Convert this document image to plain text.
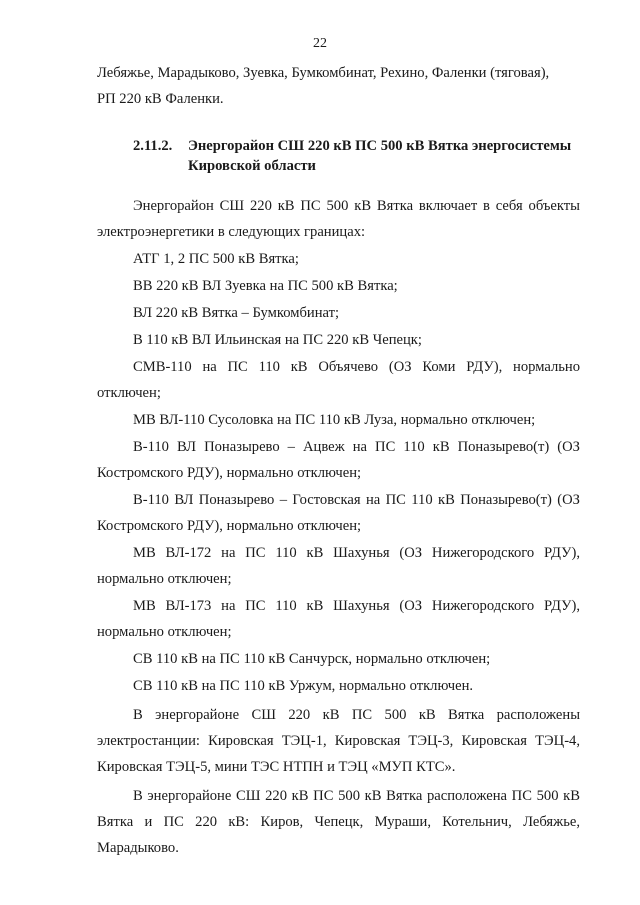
22

Лебяжье, Марадыково, Зуевка, Бумкомбинат, Рехино, Фаленки (тяговая),

РП 220 кВ Фаленки.

2.11.2.	Энергорайон СШ 220 кВ ПС 500 кВ Вятка энергосистемы Кировской области

Энергорайон СШ 220 кВ ПС 500 кВ Вятка включает в себя объекты электроэнергетики в следующих границах:

АТГ 1, 2 ПС 500 кВ Вятка;

ВВ 220 кВ ВЛ Зуевка на ПС 500 кВ Вятка;

ВЛ 220 кВ Вятка – Бумкомбинат;

В 110 кВ ВЛ Ильинская на ПС 220 кВ Чепецк;

СМВ-110 на ПС 110 кВ Объячево (ОЗ Коми РДУ), нормально отключен;

МВ ВЛ-110 Сусоловка на ПС 110 кВ Луза, нормально отключен;

В-110 ВЛ Поназырево – Ацвеж на ПС 110 кВ Поназырево(т) (ОЗ Костромского РДУ), нормально отключен;

В-110 ВЛ Поназырево – Гостовская на ПС 110 кВ Поназырево(т) (ОЗ Костромского РДУ), нормально отключен;

МВ ВЛ-172 на ПС 110 кВ Шахунья (ОЗ Нижегородского РДУ), нормально отключен;

МВ ВЛ-173 на ПС 110 кВ Шахунья (ОЗ Нижегородского РДУ), нормально отключен;

СВ 110 кВ на ПС 110 кВ Санчурск, нормально отключен;

СВ 110 кВ на ПС 110 кВ Уржум, нормально отключен.

В энергорайоне СШ 220 кВ ПС 500 кВ Вятка расположены электростанции: Кировская ТЭЦ-1, Кировская ТЭЦ-3, Кировская ТЭЦ-4, Кировская ТЭЦ-5, мини ТЭС НТПН и ТЭЦ «МУП КТС».

В энергорайоне СШ 220 кВ ПС 500 кВ Вятка расположена ПС 500 кВ Вятка и ПС 220 кВ: Киров, Чепецк, Мураши, Котельнич, Лебяжье, Марадыково.
